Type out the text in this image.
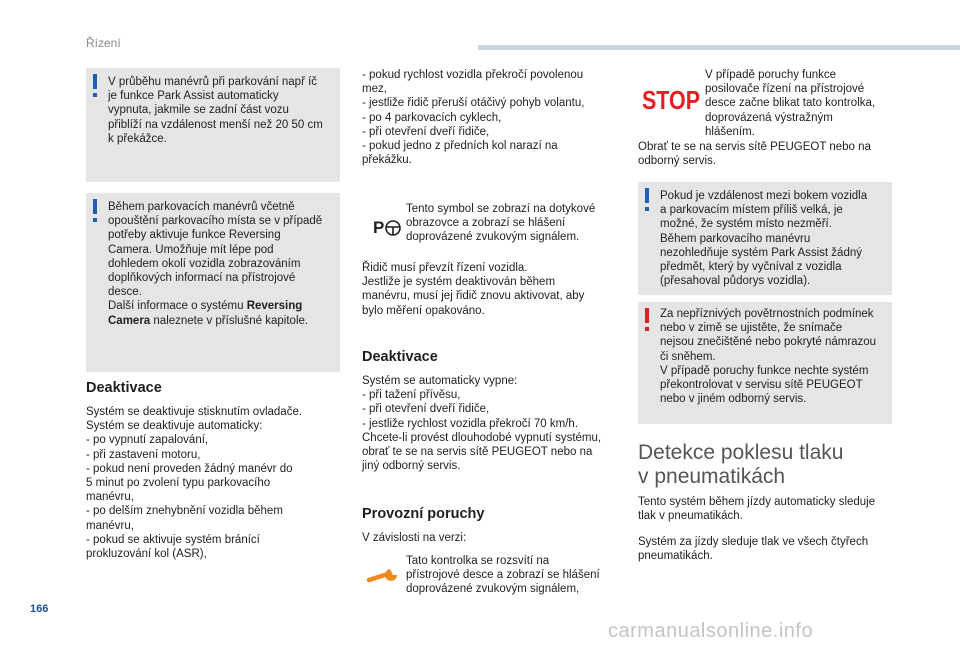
Řízení
V průběhu manévrů při parkování např íč
je funkce Park Assist automaticky
vypnuta, jakmile se zadní část vozu
přiblíží na vzdálenost menší než 20 50 cm
k překážce.
Během parkovacích manévrů včetně
opouštění parkovacího místa se v případě
potřeby aktivuje funkce Reversing
Camera. Umožňuje mít lépe pod
dohledem okolí vozidla zobrazováním
doplňkových informací na přístrojové
desce.
Další informace o systému Reversing
Camera naleznete v příslušné kapitole.
Deaktivace
Systém se deaktivuje stisknutím ovladače.
Systém se deaktivuje automaticky:
- po vypnutí zapalování,
- při zastavení motoru,
- pokud není proveden žádný manévr do
5 minut po zvolení typu parkovacího
manévru,
- po delším znehybnění vozidla během
manévru,
- pokud se aktivuje systém bránící
prokluzování kol (ASR),
- pokud rychlost vozidla překročí povolenou
mez,
- jestliže řidič přeruší otáčivý pohyb volantu,
- po 4 parkovacích cyklech,
- při otevření dveří řidiče,
- pokud jedno z předních kol narazí na
překážku.
P
Tento symbol se zobrazí na dotykové
obrazovce a zobrazí se hlášení
doprovázené zvukovým signálem.
Řidič musí převzít řízení vozidla.
Jestliže je systém deaktivován během
manévru, musí jej řidič znovu aktivovat, aby
bylo měření opakováno.
Deaktivace
Systém se automaticky vypne:
- při tažení přívěsu,
- při otevření dveří řidiče,
- jestliže rychlost vozidla překročí 70 km/h.
Chcete-li provést dlouhodobé vypnutí systému,
obrať te se na servis sítě PEUGEOT nebo na
jiný odborný servis.
Provozní poruchy
V závislosti na verzi:
Tato kontrolka se rozsvítí na
přístrojové desce a zobrazí se hlášení
doprovázené zvukovým signálem,
STOP
V případě poruchy funkce
posilovače řízení na přístrojové
desce začne blikat tato kontrolka,
doprovázená výstražným
hlášením.
Obrať te se na servis sítě PEUGEOT nebo na
odborný servis.
Pokud je vzdálenost mezi bokem vozidla
a parkovacím místem příliš velká, je
možné, že systém místo nezměří.
Během parkovacího manévru
nezohledňuje systém Park Assist žádný
předmět, který by vyčníval z vozidla
(přesahoval půdorys vozidla).
Za nepříznivých povětrnostních podmínek
nebo v zimě se ujistěte, že snímače
nejsou znečištěné nebo pokryté námrazou
či sněhem.
V případě poruchy funkce nechte systém
překontrolovat v servisu sítě PEUGEOT
nebo v jiném odborný servis.
Detekce poklesu tlaku
v pneumatikách
Tento systém během jízdy automaticky sleduje
tlak v pneumatikách.
Systém za jízdy sleduje tlak ve všech čtyřech
pneumatikách.
166
carmanualsonline.info
